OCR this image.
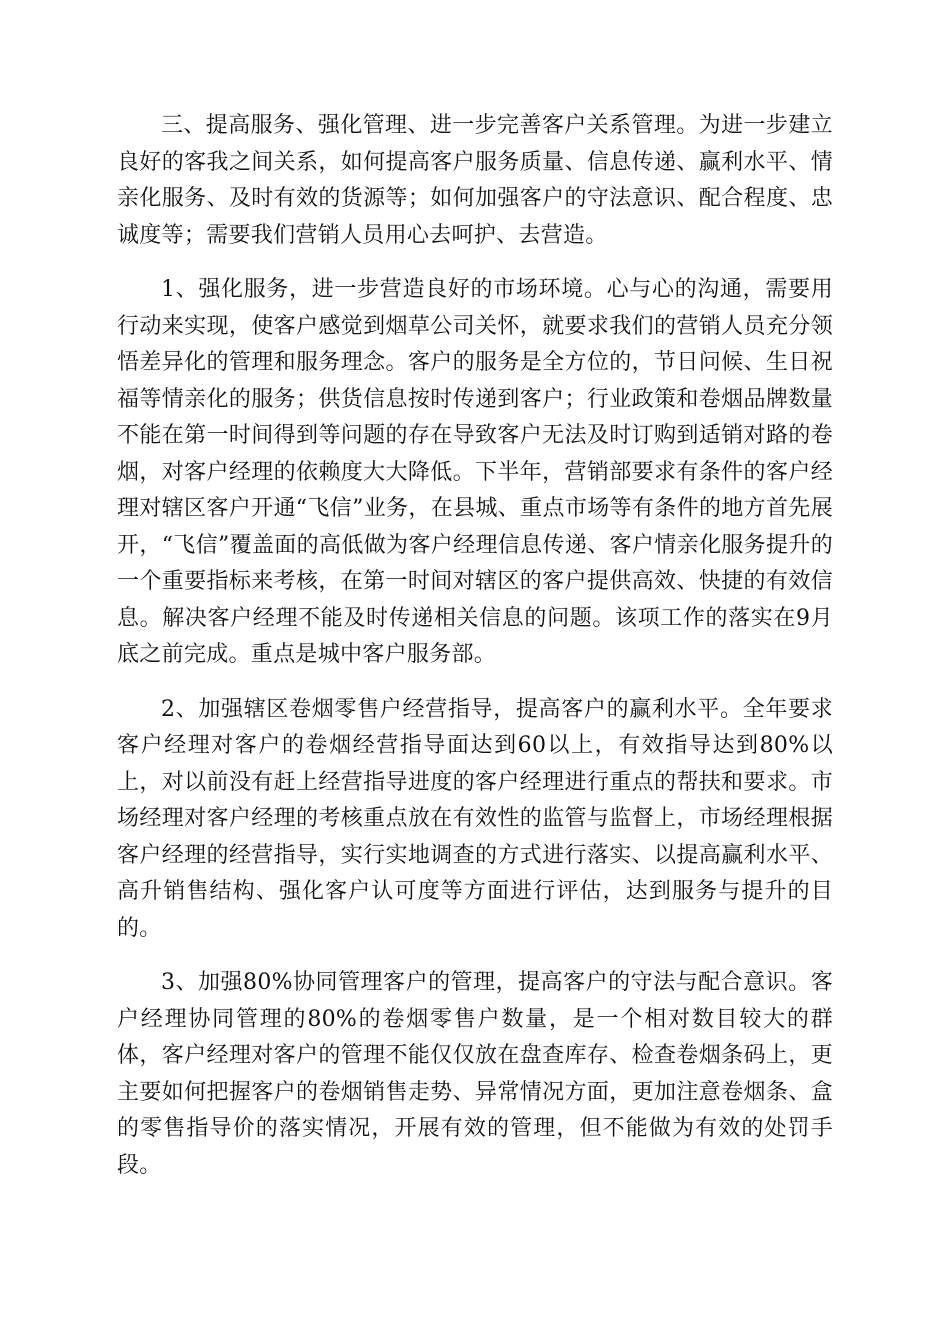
三、提高服务、强化管理、进一步完善客户关系管理。为进一步建立良好的客我之间关系，如何提高客户服务质量、信息传递、赢利水平、情亲化服务、及时有效的货源等；如何加强客户的守法意识、配合程度、忠诚度等；需要我们营销人员用心去呵护、去营造。

1、强化服务，进一步营造良好的市场环境。心与心的沟通，需要用行动来实现，使客户感觉到烟草公司关怀，就要求我们的营销人员充分领悟差异化的管理和服务理念。客户的服务是全方位的，节日问候、生日祝福等情亲化的服务；供货信息按时传递到客户；行业政策和卷烟品牌数量不能在第一时间得到等问题的存在导致客户无法及时订购到适销对路的卷烟，对客户经理的依赖度大大降低。下半年，营销部要求有条件的客户经理对辖区客户开通“飞信”业务，在县城、重点市场等有条件的地方首先展开，“飞信”覆盖面的高低做为客户经理信息传递、客户情亲化服务提升的一个重要指标来考核，在第一时间对辖区的客户提供高效、快捷的有效信息。解决客户经理不能及时传递相关信息的问题。该项工作的落实在9月底之前完成。重点是城中客户服务部。

2、加强辖区卷烟零售户经营指导，提高客户的赢利水平。全年要求客户经理对客户的卷烟经营指导面达到60以上，有效指导达到80%以上，对以前没有赶上经营指导进度的客户经理进行重点的帮扶和要求。市场经理对客户经理的考核重点放在有效性的监管与监督上，市场经理根据客户经理的经营指导，实行实地调查的方式进行落实、以提高赢利水平、高升销售结构、强化客户认可度等方面进行评估，达到服务与提升的目的。

3、加强80%协同管理客户的管理，提高客户的守法与配合意识。客户经理协同管理的80%的卷烟零售户数量，是一个相对数目较大的群体，客户经理对客户的管理不能仅仅放在盘查库存、检查卷烟条码上，更主要如何把握客户的卷烟销售走势、异常情况方面，更加注意卷烟条、盒的零售指导价的落实情况，开展有效的管理，但不能做为有效的处罚手段。
